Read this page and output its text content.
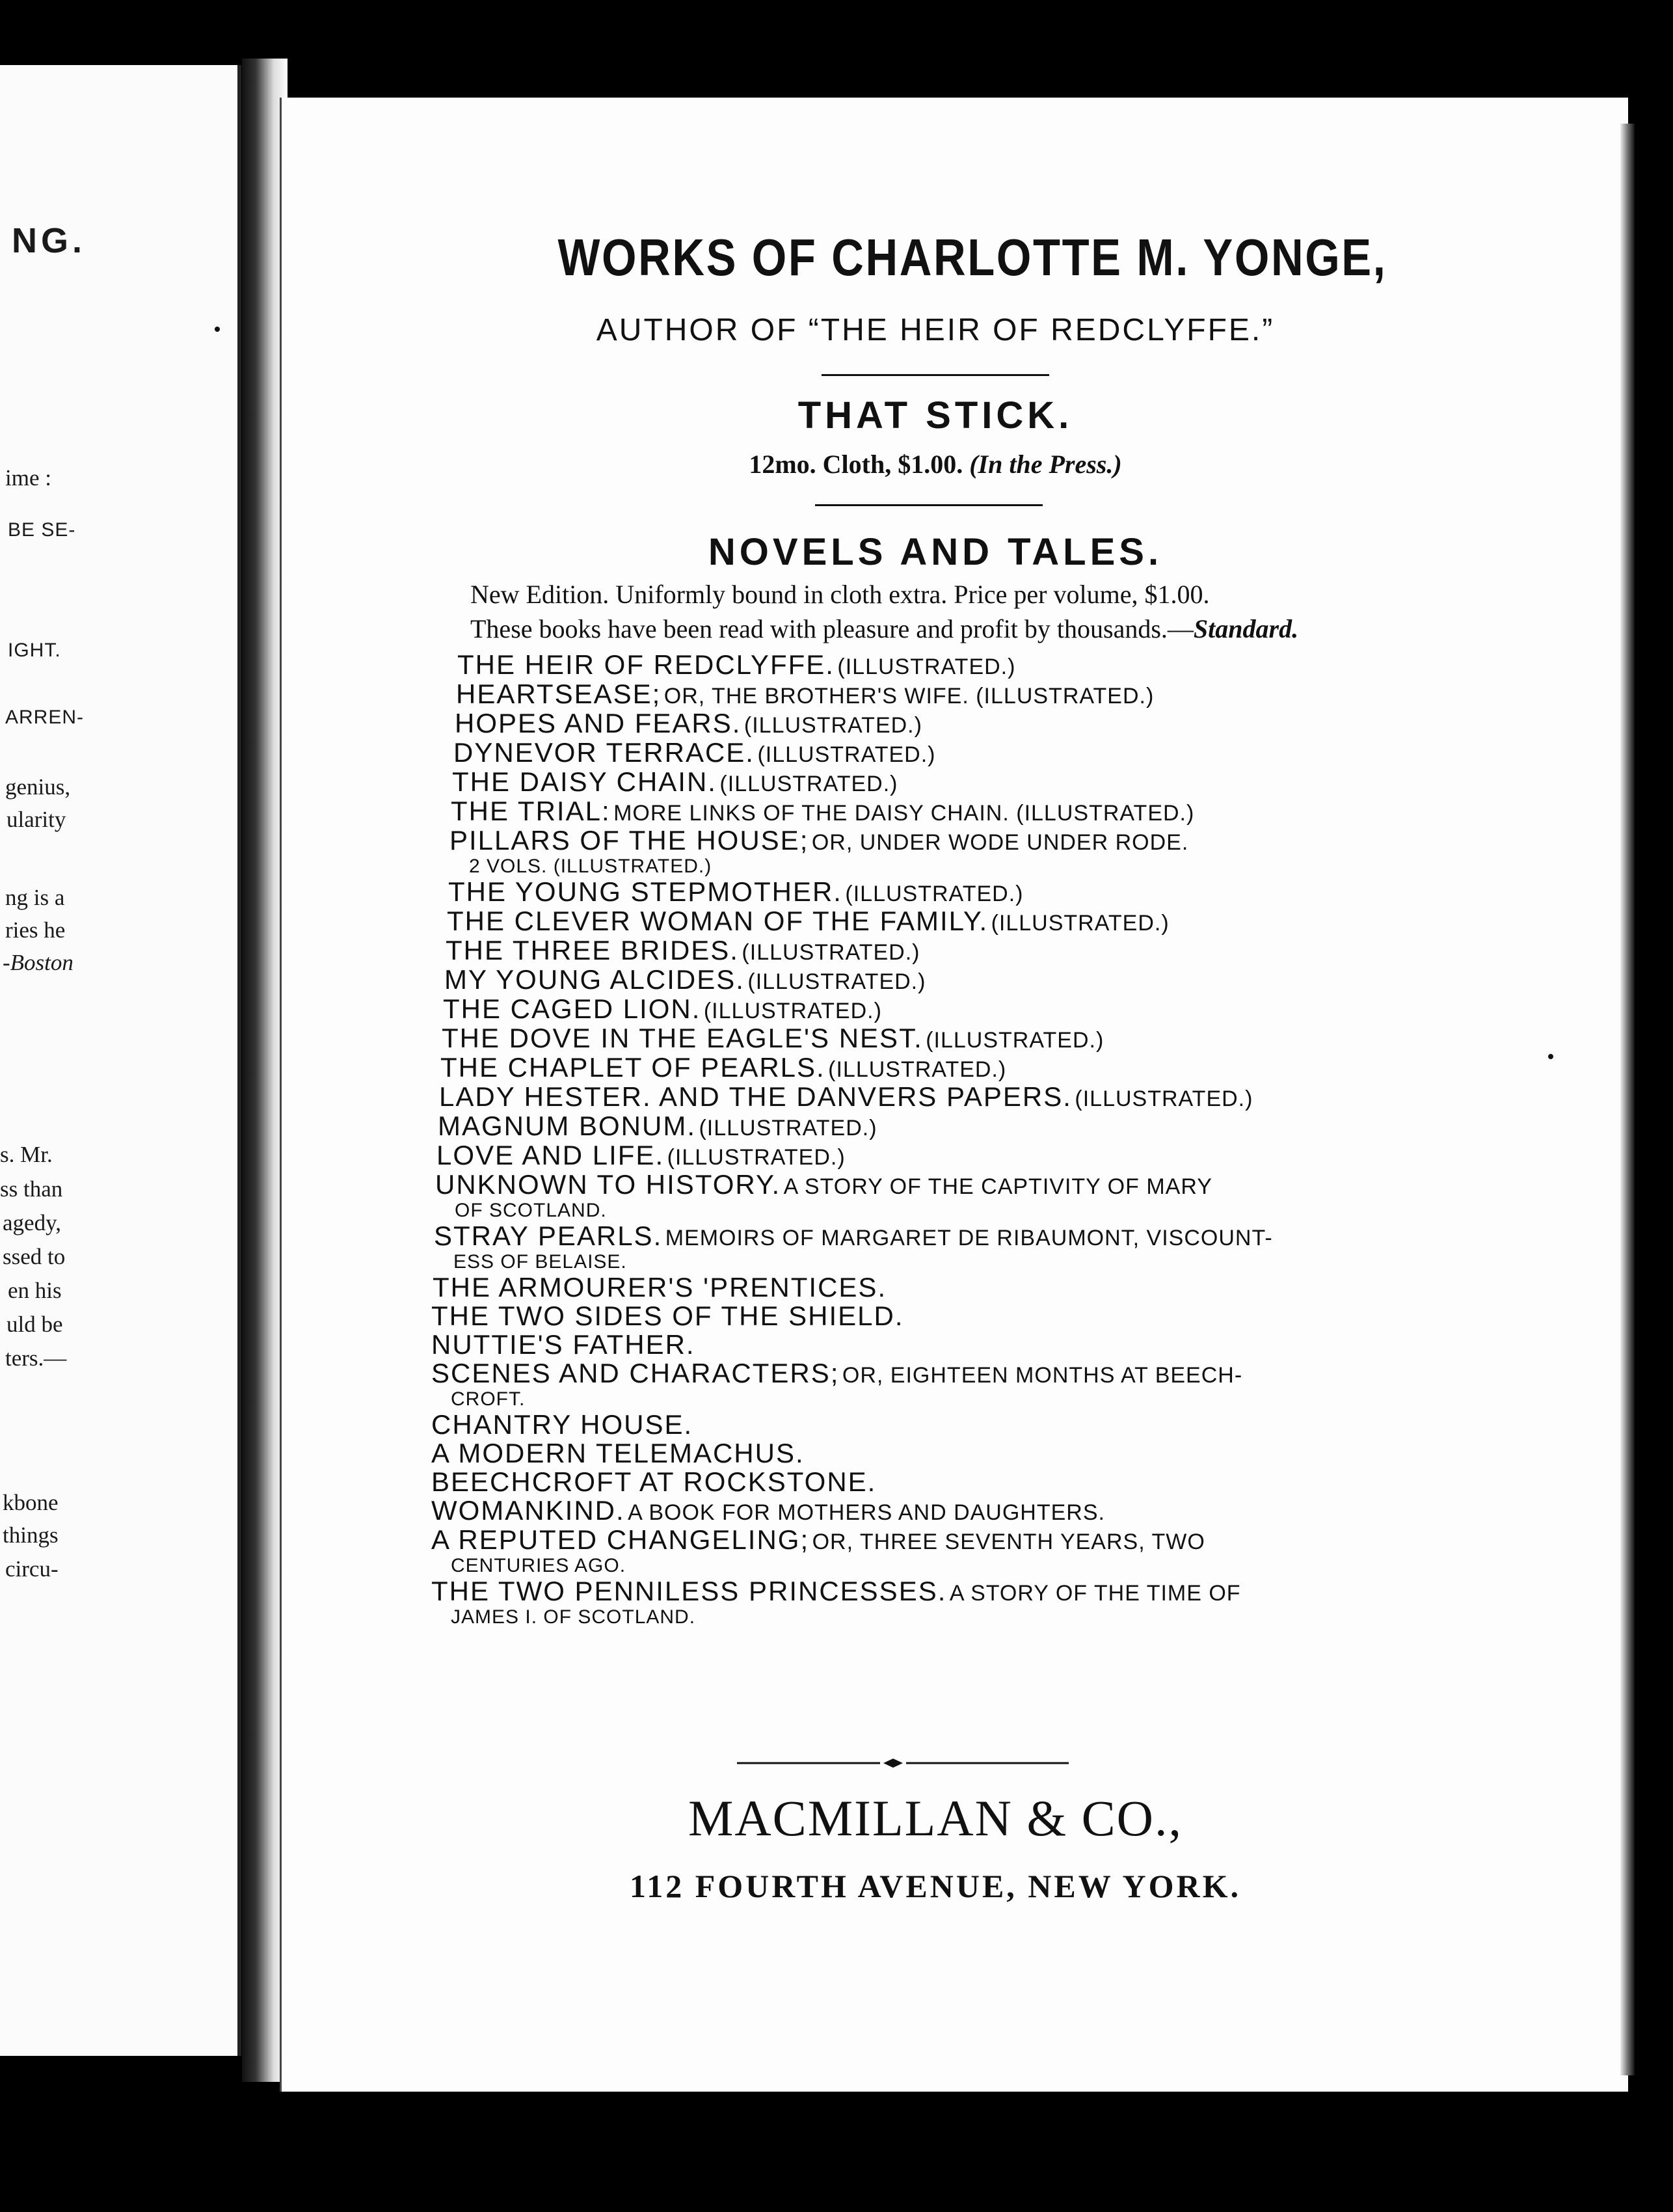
NG.

ime :

BE SE-

IGHT.

ARREN-

genius,

ularity

ng is a

ries he

-Boston

s. Mr.

ss than

agedy,

ssed to

en his

uld be

ters.—

kbone

things

circu-

WORKS OF CHARLOTTE M. YONGE,

AUTHOR OF “THE HEIR OF REDCLYFFE.”

THAT STICK.

12mo. Cloth, $1.00. (In the Press.)

NOVELS AND TALES.

New Edition. Uniformly bound in cloth extra. Price per volume, $1.00.

These books have been read with pleasure and profit by thousands.—Standard.

THE HEIR OF REDCLYFFE. (ILLUSTRATED.)
HEARTSEASE; OR, THE BROTHER'S WIFE. (ILLUSTRATED.)
HOPES AND FEARS. (ILLUSTRATED.)
DYNEVOR TERRACE. (ILLUSTRATED.)
THE DAISY CHAIN. (ILLUSTRATED.)
THE TRIAL: MORE LINKS OF THE DAISY CHAIN. (ILLUSTRATED.)
PILLARS OF THE HOUSE; OR, UNDER WODE UNDER RODE.
2 VOLS. (ILLUSTRATED.)
THE YOUNG STEPMOTHER. (ILLUSTRATED.)
THE CLEVER WOMAN OF THE FAMILY. (ILLUSTRATED.)
THE THREE BRIDES. (ILLUSTRATED.)
MY YOUNG ALCIDES. (ILLUSTRATED.)
THE CAGED LION. (ILLUSTRATED.)
THE DOVE IN THE EAGLE'S NEST. (ILLUSTRATED.)
THE CHAPLET OF PEARLS. (ILLUSTRATED.)
LADY HESTER. AND THE DANVERS PAPERS. (ILLUSTRATED.)
MAGNUM BONUM. (ILLUSTRATED.)
LOVE AND LIFE. (ILLUSTRATED.)
UNKNOWN TO HISTORY. A STORY OF THE CAPTIVITY OF MARY
OF SCOTLAND.
STRAY PEARLS. MEMOIRS OF MARGARET DE RIBAUMONT, VISCOUNT-
ESS OF BELAISE.
THE ARMOURER'S 'PRENTICES.
THE TWO SIDES OF THE SHIELD.
NUTTIE'S FATHER.
SCENES AND CHARACTERS; OR, EIGHTEEN MONTHS AT BEECH-
CROFT.
CHANTRY HOUSE.
A MODERN TELEMACHUS.
BEECHCROFT AT ROCKSTONE.
WOMANKIND. A BOOK FOR MOTHERS AND DAUGHTERS.
A REPUTED CHANGELING; OR, THREE SEVENTH YEARS, TWO
CENTURIES AGO.
THE TWO PENNILESS PRINCESSES. A STORY OF THE TIME OF
JAMES I. OF SCOTLAND.

MACMILLAN & CO.,

112 FOURTH AVENUE, NEW YORK.
